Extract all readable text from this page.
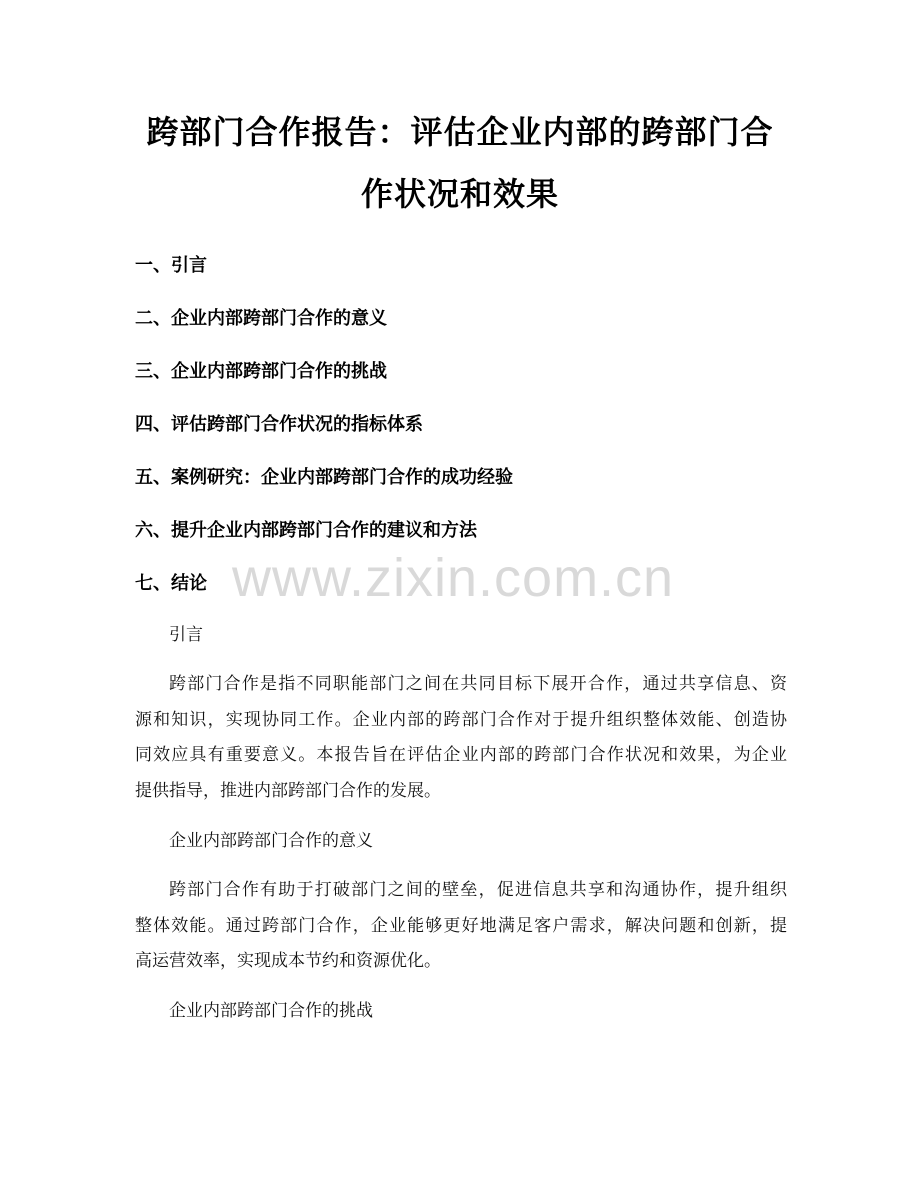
跨部门合作报告：评估企业内部的跨部门合
作状况和效果
一、引言
二、企业内部跨部门合作的意义
三、企业内部跨部门合作的挑战
四、评估跨部门合作状况的指标体系
五、案例研究：企业内部跨部门合作的成功经验
六、提升企业内部跨部门合作的建议和方法
七、结论 www.zixin.com.cn
引言
跨部门合作是指不同职能部门之间在共同目标下展开合作，通过共享信息、资
源和知识，实现协同工作。企业内部的跨部门合作对于提升组织整体效能、创造协
同效应具有重要意义。本报告旨在评估企业内部的跨部门合作状况和效果，为企业
提供指导，推进内部跨部门合作的发展。
企业内部跨部门合作的意义
跨部门合作有助于打破部门之间的壁垒，促进信息共享和沟通协作，提升组织
整体效能。通过跨部门合作，企业能够更好地满足客户需求，解决问题和创新，提
高运营效率，实现成本节约和资源优化。
企业内部跨部门合作的挑战
